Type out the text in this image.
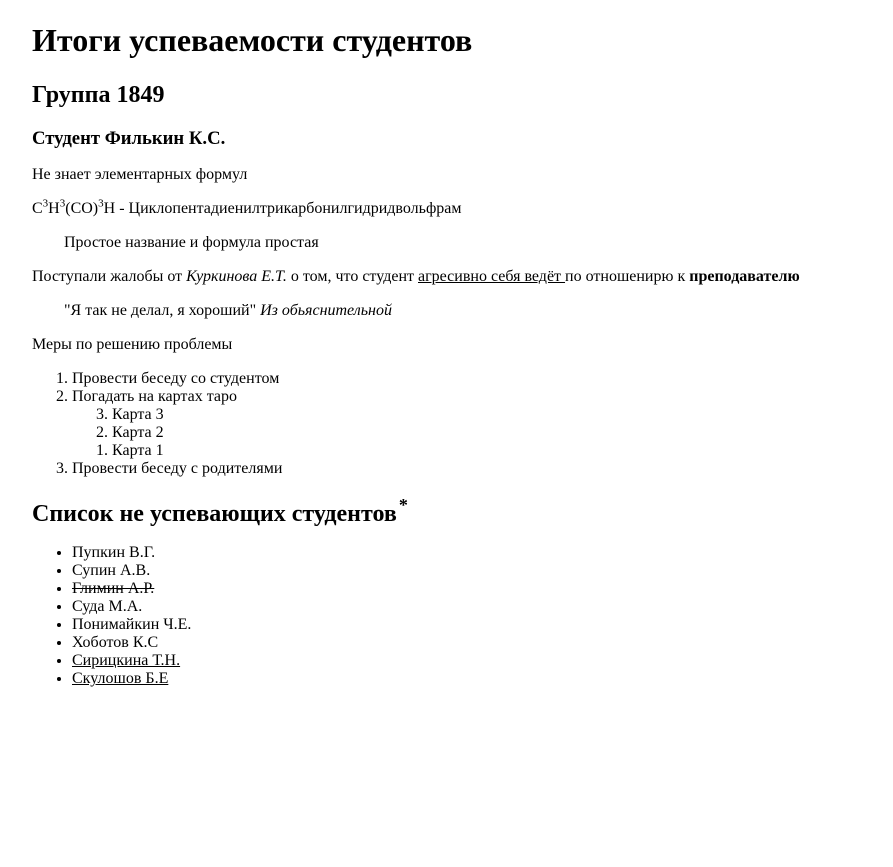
Итоги успеваемости студентов
Группа 1849
Студент Филькин К.С.

Не знает элементарных формул

$C^3H^3(CO)^3H$ - Циклопентадиенилтрикарбонилгидридвольфрам

Простое название и формула простая

Поступали жалобы от Куркинова Е.Т. о том, что студент агресивно себя ведёт по отношенирю к преподавателю

"Я так не делал, я хороший" Из обьяснительной

Меры по решению проблемы

1. Провести беседу со студентом
2. Погадать на картах таро
3. Карта 3
2. Карта 2
1. Карта 1
3. Провести беседу с родителями
Список не успевающих студентов *
• Пупкин В.Г.
• Супин А.В.
• Глимин А.Р.
• Суда М.А.
• Понимайкин Ч.Е.
• Хоботов К.С
• Сирицкина Т.Н.
• Скулошов Б.Е
